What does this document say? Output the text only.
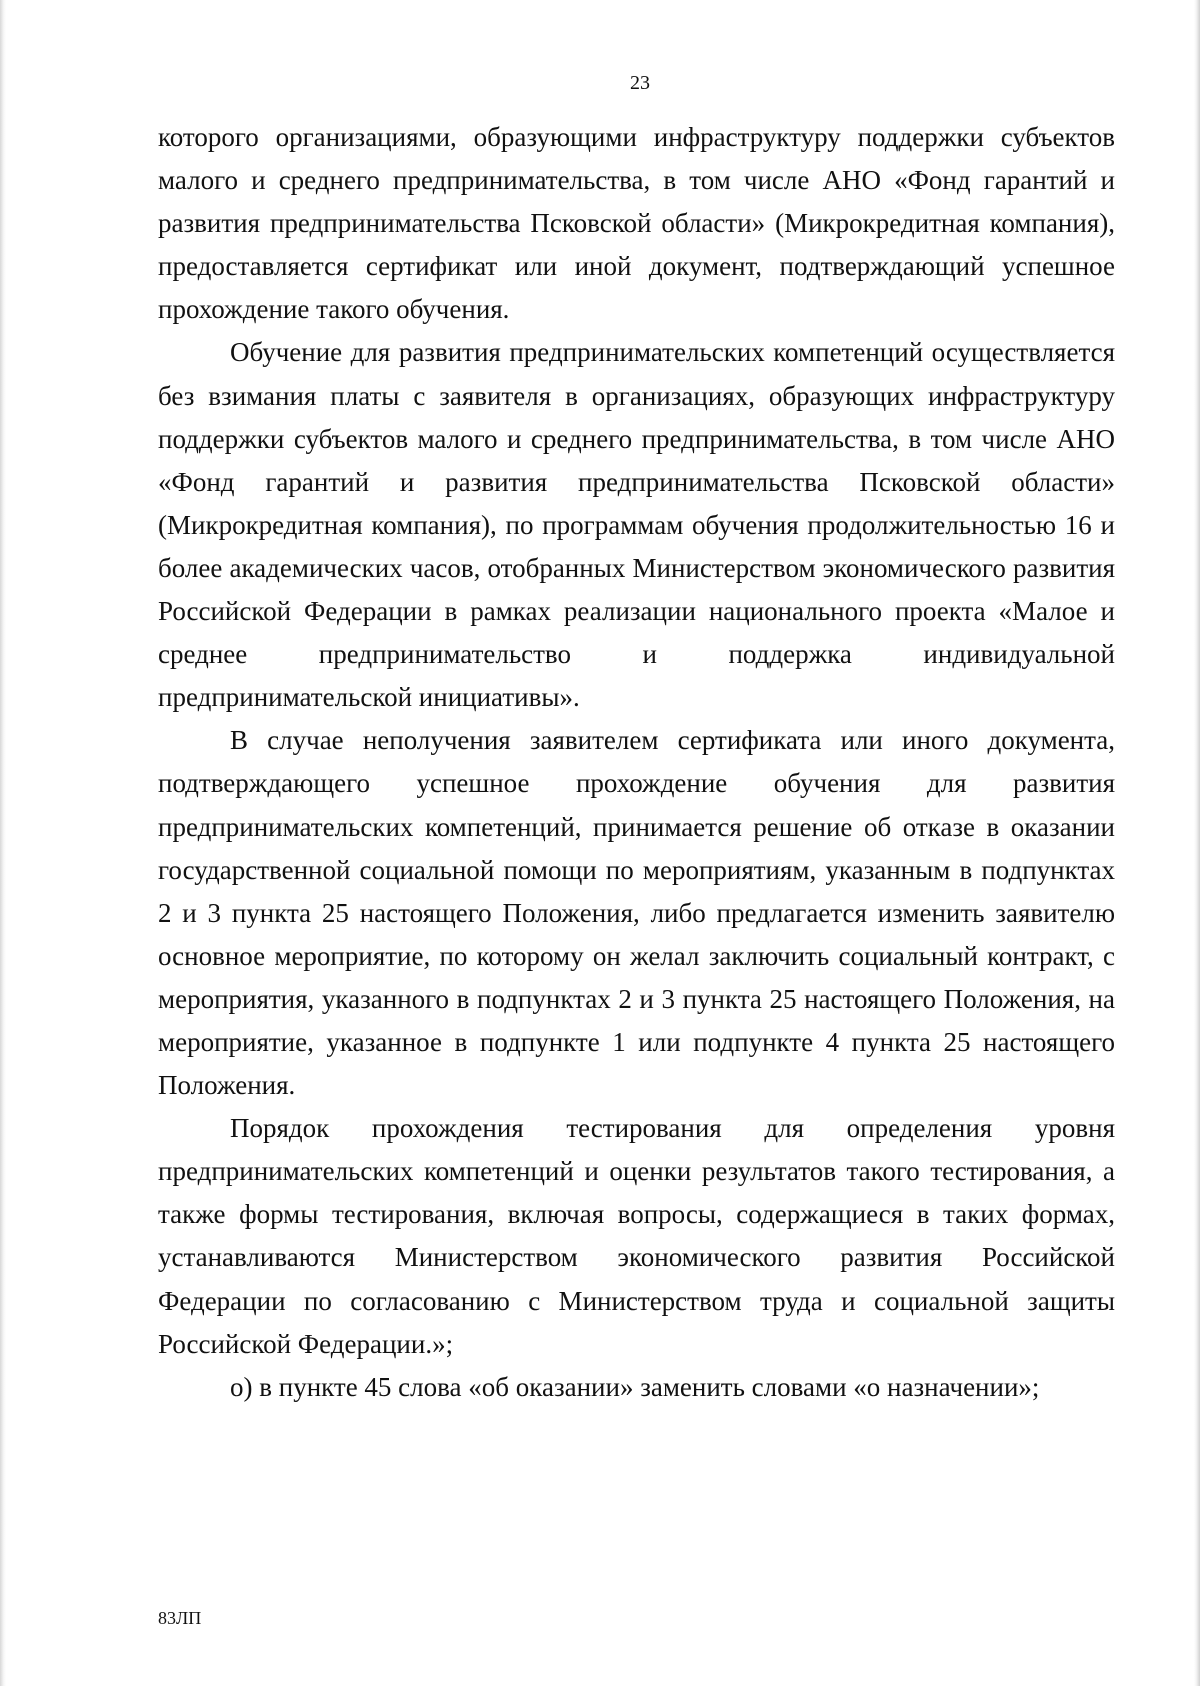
23

которого организациями, образующими инфраструктуру поддержки субъектов малого и среднего предпринимательства, в том числе АНО «Фонд гарантий и развития предпринимательства Псковской области» (Микрокредитная компания), предоставляется сертификат или иной документ, подтверждающий успешное прохождение такого обучения.

Обучение для развития предпринимательских компетенций осуществляется без взимания платы с заявителя в организациях, образующих инфраструктуру поддержки субъектов малого и среднего предпринимательства, в том числе АНО «Фонд гарантий и развития предпринимательства Псковской области» (Микрокредитная компания), по программам обучения продолжительностью 16 и более академических часов, отобранных Министерством экономического развития Российской Федерации в рамках реализации национального проекта «Малое и среднее предпринимательство и поддержка индивидуальной предпринимательской инициативы».

В случае неполучения заявителем сертификата или иного документа, подтверждающего успешное прохождение обучения для развития предпринимательских компетенций, принимается решение об отказе в оказании государственной социальной помощи по мероприятиям, указанным в подпунктах 2 и 3 пункта 25 настоящего Положения, либо предлагается изменить заявителю основное мероприятие, по которому он желал заключить социальный контракт, с мероприятия, указанного в подпунктах 2 и 3 пункта 25 настоящего Положения, на мероприятие, указанное в подпункте 1 или подпункте 4 пункта 25 настоящего Положения.

Порядок прохождения тестирования для определения уровня предпринимательских компетенций и оценки результатов такого тестирования, а также формы тестирования, включая вопросы, содержащиеся в таких формах, устанавливаются Министерством экономического развития Российской Федерации по согласованию с Министерством труда и социальной защиты Российской Федерации.»;

о) в пункте 45 слова «об оказании» заменить словами «о назначении»;

83ЛП
